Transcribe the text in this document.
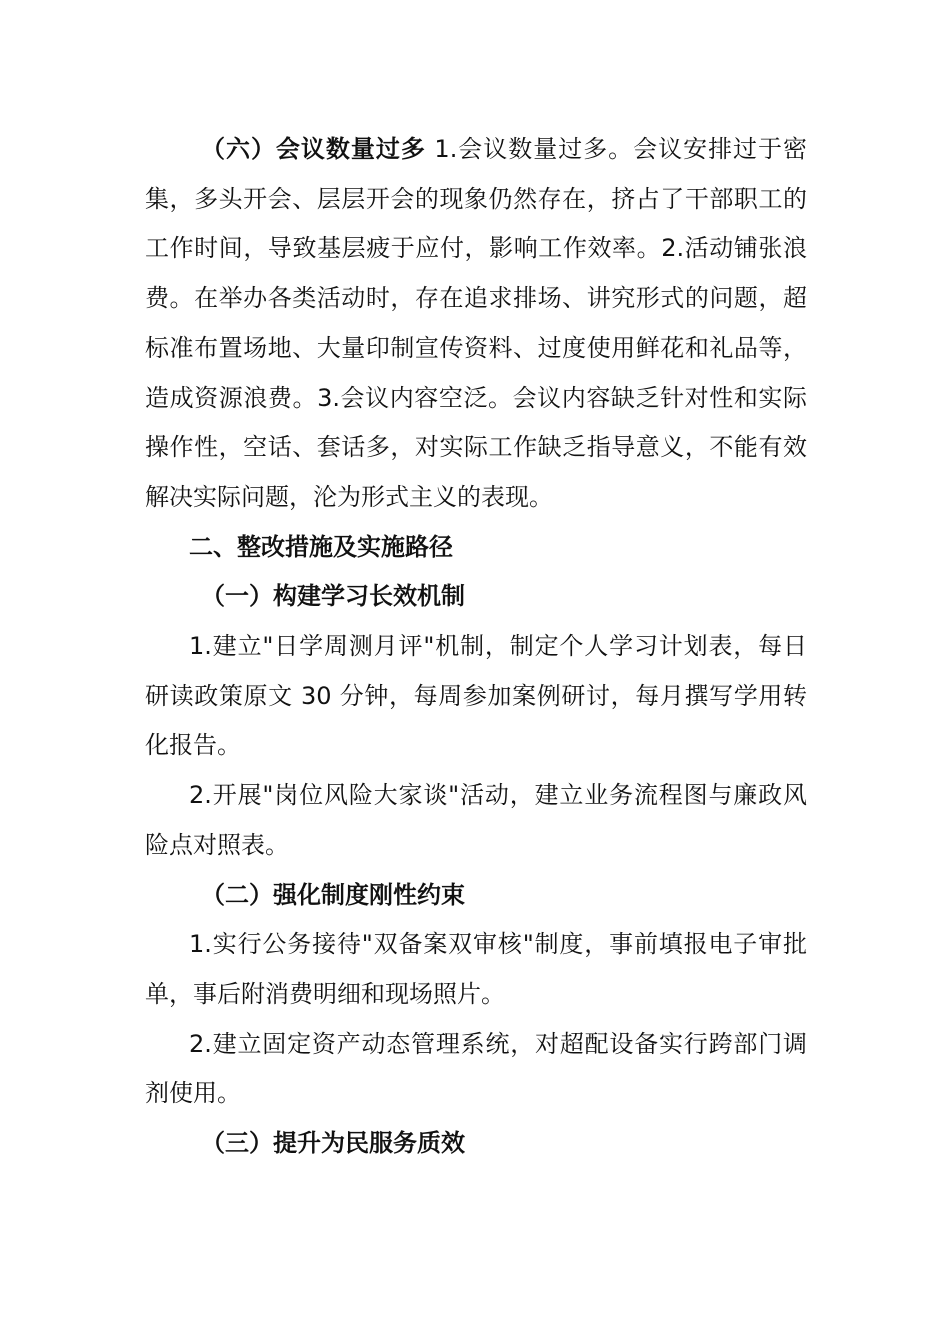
（六）会议数量过多 1.会议数量过多。会议安排过于密集，多头开会、层层开会的现象仍然存在，挤占了干部职工的工作时间，导致基层疲于应付，影响工作效率。2.活动铺张浪费。在举办各类活动时，存在追求排场、讲究形式的问题，超标准布置场地、大量印制宣传资料、过度使用鲜花和礼品等，造成资源浪费。3.会议内容空泛。会议内容缺乏针对性和实际操作性，空话、套话多，对实际工作缺乏指导意义，不能有效解决实际问题，沦为形式主义的表现。

二、整改措施及实施路径

（一）构建学习长效机制

1.建立"日学周测月评"机制，制定个人学习计划表，每日研读政策原文 30 分钟，每周参加案例研讨，每月撰写学用转化报告。

2.开展"岗位风险大家谈"活动，建立业务流程图与廉政风险点对照表。

（二）强化制度刚性约束

1.实行公务接待"双备案双审核"制度，事前填报电子审批单，事后附消费明细和现场照片。

2.建立固定资产动态管理系统，对超配设备实行跨部门调剂使用。

（三）提升为民服务质效
